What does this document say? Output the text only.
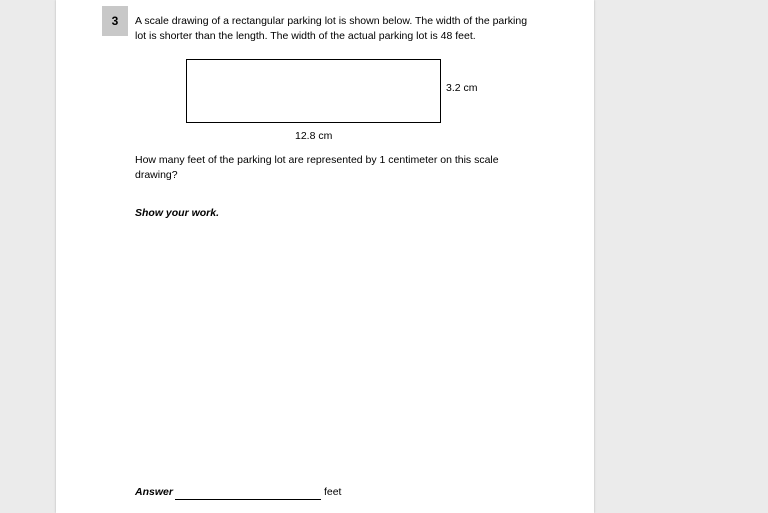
3	A scale drawing of a rectangular parking lot is shown below. The width of the parking lot is shorter than the length. The width of the actual parking lot is 48 feet.
3.2 cm
12.8 cm
How many feet of the parking lot are represented by 1 centimeter on this scale drawing?
Show your work.
Answer	feet
